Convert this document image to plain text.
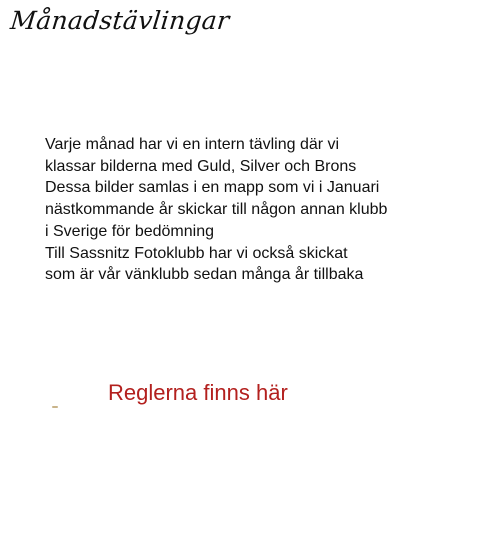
Månadstävlingar
Varje månad har vi en intern tävling där vi
klassar bilderna med Guld, Silver och Brons
Dessa bilder samlas i en mapp som vi i Januari
nästkommande år skickar till någon annan klubb
i Sverige för bedömning
Till Sassnitz Fotoklubb har vi också skickat
som är vår vänklubb sedan många år tillbaka
Reglerna finns här
